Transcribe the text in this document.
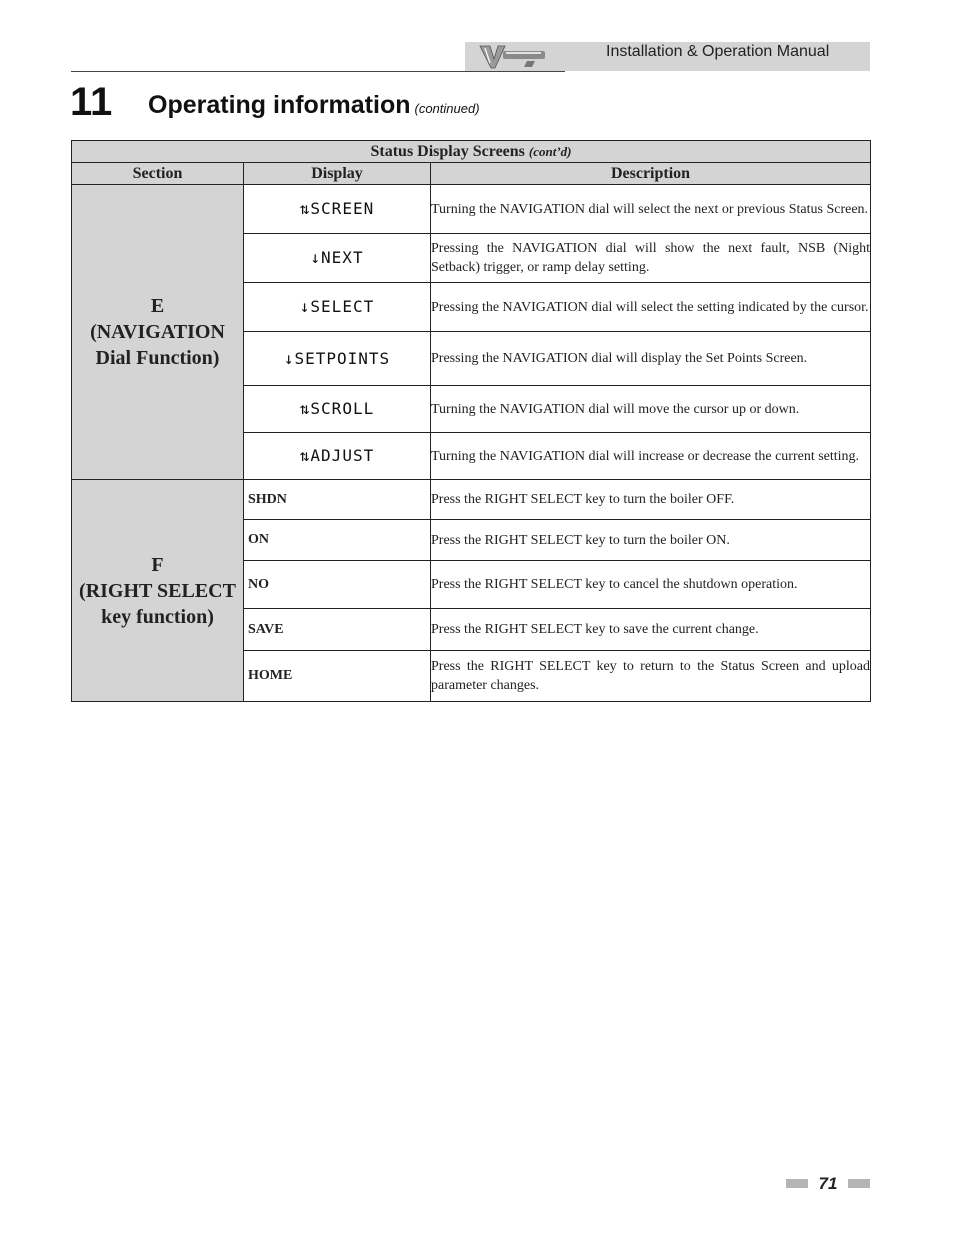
Installation & Operation Manual
11 Operating information (continued)
Status Display Screens (cont’d)		
Section	Display	Description

E
(NAVIGATION
Dial Function)	⇅SCREEN	Turning the NAVIGATION dial will select the next or previous Status Screen.
	↓NEXT	Pressing the NAVIGATION dial will show the next fault, NSB (Night Setback) trigger, or ramp delay setting.
	↓SELECT	Pressing the NAVIGATION dial will select the setting indicated by the cursor.
	↓SETPOINTS	Pressing the NAVIGATION dial will display the Set Points Screen.
	⇅SCROLL	Turning the NAVIGATION dial will move the cursor up or down.
	⇅ADJUST	Turning the NAVIGATION dial will increase or decrease the current setting.

F
(RIGHT SELECT
key function)	SHDN	Press the RIGHT SELECT key to turn the boiler OFF.
	ON	Press the RIGHT SELECT key to turn the boiler ON.
	NO	Press the RIGHT SELECT key to cancel the shutdown operation.
	SAVE	Press the RIGHT SELECT key to save the current change.
	HOME	Press the RIGHT SELECT key to return to the Status Screen and upload parameter changes.
71
